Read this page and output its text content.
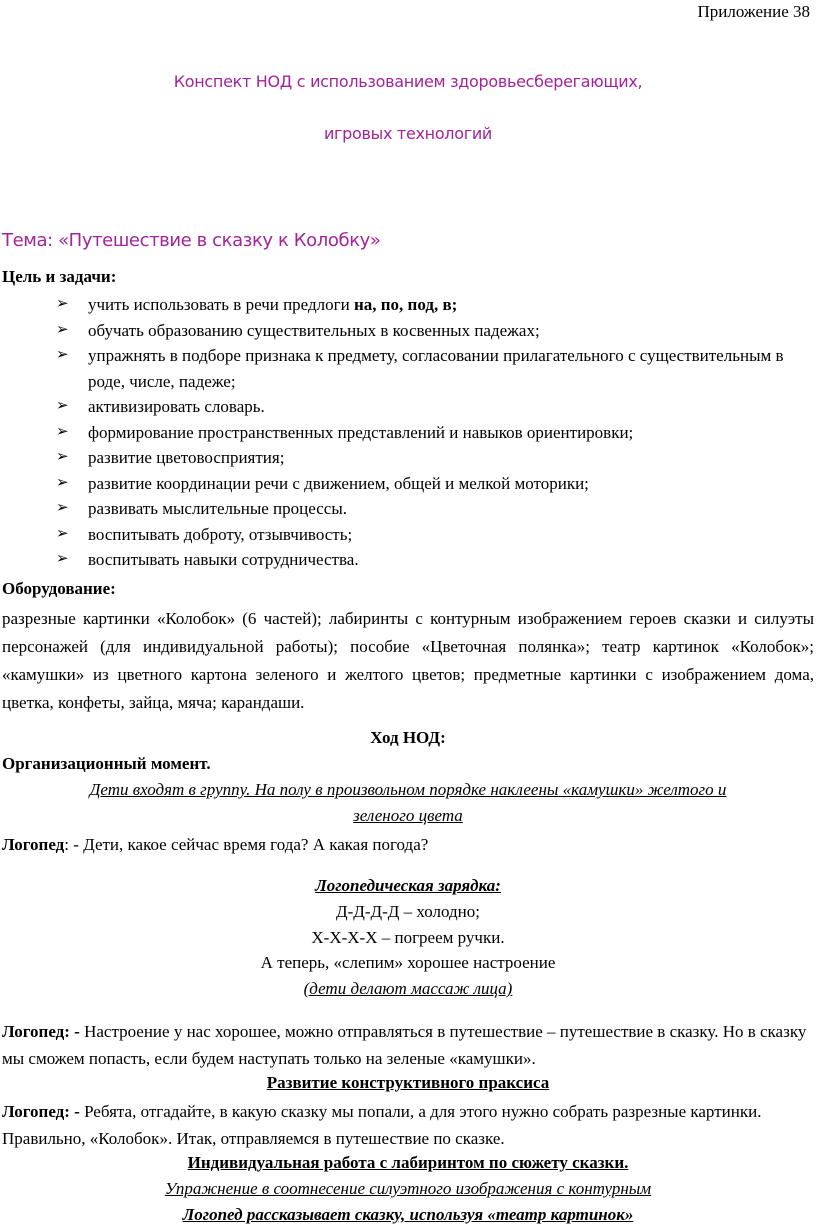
Приложение 38
Конспект НОД с использованием здоровьесберегающих,
игровых технологий
Тема: «Путешествие в сказку к Колобку»
Цель и задачи:
➢ учить использовать в речи предлоги на, по, под, в;
➢ обучать образованию существительных в косвенных падежах;
➢ упражнять в подборе признака к предмету, согласовании прилагательного с существительным в роде, числе, падеже;
➢ активизировать словарь.
➢ формирование пространственных представлений и навыков ориентировки;
➢ развитие цветовосприятия;
➢ развитие координации речи с движением, общей и мелкой моторики;
➢ развивать мыслительные процессы.
➢ воспитывать доброту, отзывчивость;
➢ воспитывать навыки сотрудничества.
Оборудование:

разрезные картинки «Колобок» (6 частей); лабиринты с контурным изображением героев сказки и силуэты персонажей (для индивидуальной работы); пособие «Цветочная полянка»; театр картинок «Колобок»; «камушки» из цветного картона зеленого и желтого цветов; предметные картинки с изображением дома, цветка, конфеты, зайца, мяча; карандаши.

Ход НОД:
Организационный момент.
Дети входят в группу. На полу в произвольном порядке наклеены «камушки» желтого и
зеленого цвета
Логопед: - Дети, какое сейчас время года? А какая погода?
Логопедическая зарядка:
Д-Д-Д-Д – холодно;
Х-Х-Х-Х – погреем ручки.
А теперь, «слепим» хорошее настроение
(дети делают массаж лица)

Логопед: - Настроение у нас хорошее, можно отправляться в путешествие – путешествие в сказку. Но в сказку мы сможем попасть, если будем наступать только на зеленые «камушки».

Развитие конструктивного праксиса

Логопед: - Ребята, отгадайте, в какую сказку мы попали, а для этого нужно собрать разрезные картинки. Правильно, «Колобок». Итак, отправляемся в путешествие по сказке.

Индивидуальная работа с лабиринтом по сюжету сказки.
Упражнение в соотнесение силуэтного изображения с контурным
Логопед рассказывает сказку, используя «театр картинок»
